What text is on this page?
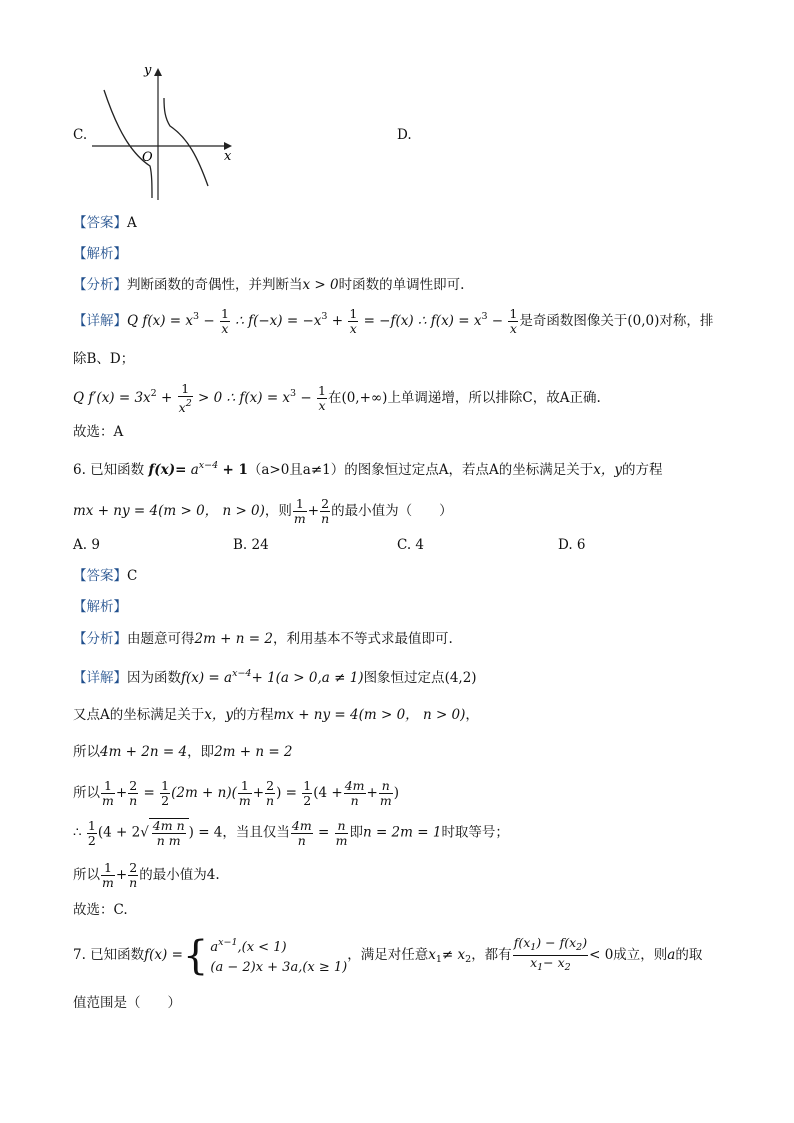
C.
y
x
O
D.
【答案】A
【解析】
【分析】判断函数的奇偶性，并判断当x > 0时函数的单调性即可.
【详解】Q $f(x) = x^3 - \frac{1}{x}$ ∴ $f(-x) = -x^3 + \frac{1}{x} = -f(x)$ ∴ $f(x) = x^3 - \frac{1}{x}$ 是奇函数图像关于(0,0)对称，排
除B、D；
Q $f'(x) = 3x^2 + \frac{1}{x^2} > 0$ ∴ $f(x) = x^3 - \frac{1}{x}$ 在(0,+∞)上单调递增，所以排除C，故A正确.
故选：A
6. 已知函数 $f(x)= a^{x-4} + 1(a>0$且a≠1）的图象恒过定点A，若点A的坐标满足关于x，y的方程
mx + ny = 4(m > 0， n > 0)，则 $\frac{1}{m} + \frac{2}{n}$ 的最小值为（　　）
A. 9	B. 24	C. 4	D. 6
【答案】C
【解析】
【分析】由题意可得2m + n = 2，利用基本不等式求最值即可.
【详解】因为函数$f(x) = a^{x-4}+ 1(a > 0,a \ne 1)$图象恒过定点(4,2)
又点A的坐标满足关于x，y的方程mx + ny = 4(m > 0， n > 0)，
所以4m + 2n = 4，即2m + n = 2
所以 $\frac{1}{m} + \frac{2}{n} = \frac{1}{2} (2m + n)( \frac{1}{m} + \frac{2}{n}$ ) = $\frac{1}{2} (4 + \frac{4m}{n} + \frac{n}{m}$ )
∴ $\frac{1}{2} (4 + 2√ \frac{\text{4m n}}{\text{n m}}$ ) = 4，当且仅当 $\frac{4m}{n} = \frac{n}{m}$ 即n = 2m = 1时取等号；
所以 $\frac{1}{m} + \frac{2}{n}$ 的最小值为4.
故选：C.
7. 已知函数f(x) ={ $a^{x-1},(x < 1)$
(a − 2)x + 3a,(x ≥ 1)
，满足对任意$x_1\ne x_2$，都有 $\frac{f(x_1) - f(x_2)}{x_1- x_2} < 0$成立，则a的取
值范围是（　　）
